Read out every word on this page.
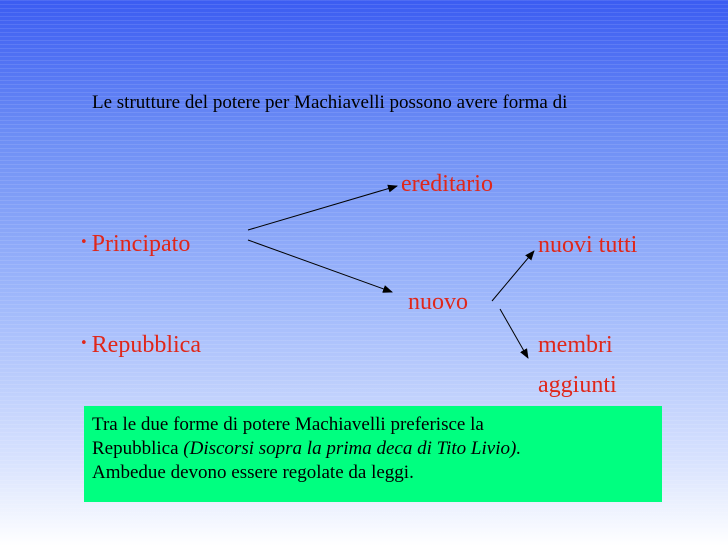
Le strutture del potere per Machiavelli possono avere forma di
• Principato
• Repubblica
ereditario
nuovo
nuovi tutti
membri
aggiunti
Tra le due forme di potere Machiavelli preferisce la
Repubblica (Discorsi sopra la prima deca di Tito Livio).
Ambedue devono essere regolate da leggi.
